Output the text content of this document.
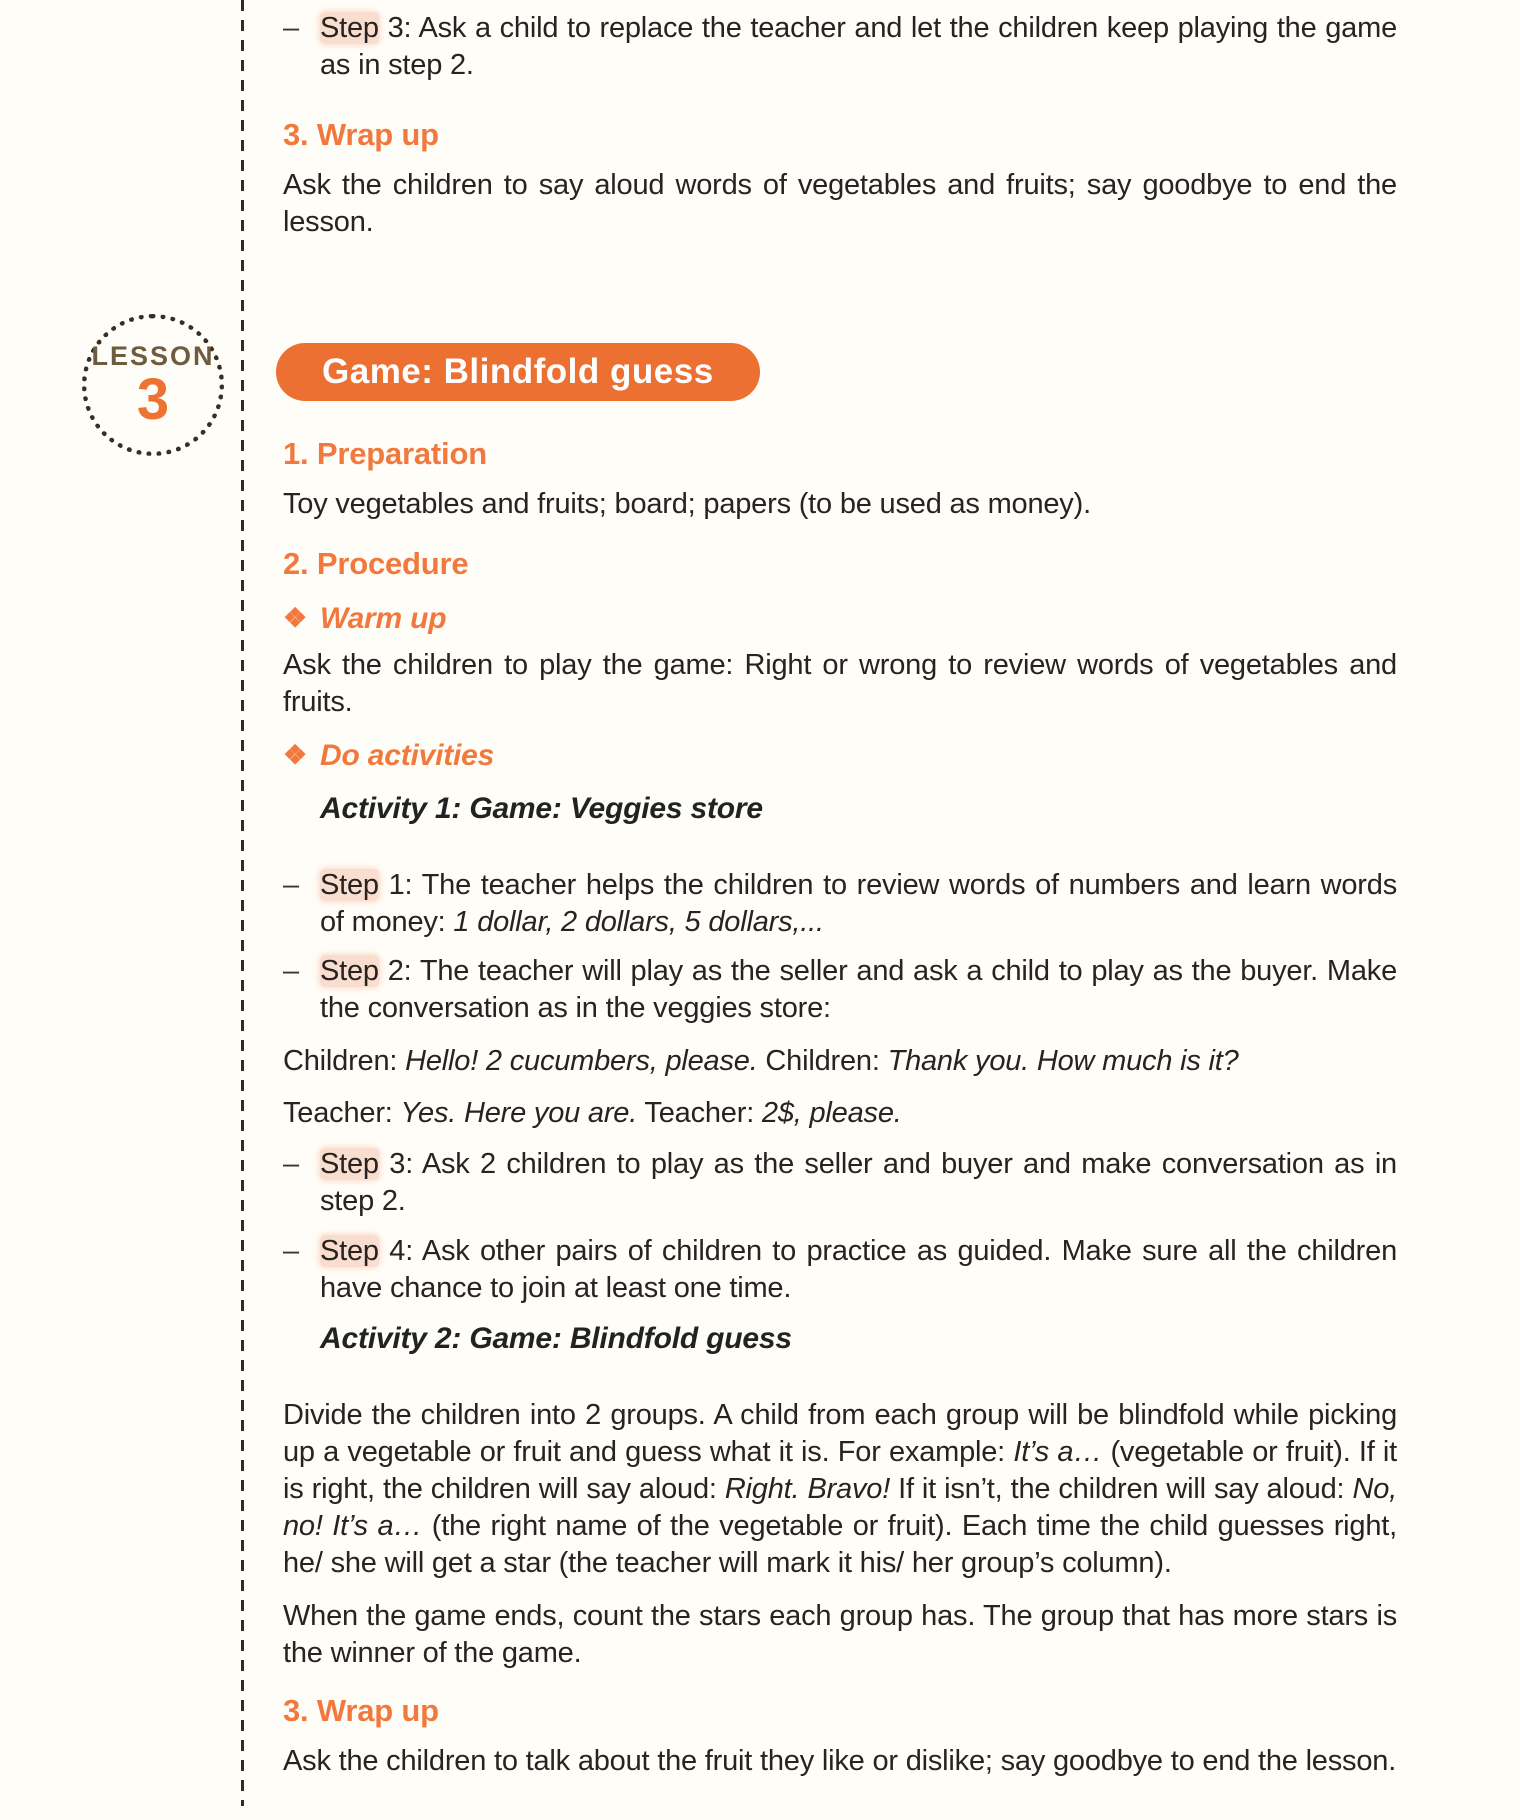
LESSON
3
– Step 3: Ask a child to replace the teacher and let the children keep playing the game as in step 2.
3. Wrap up

Ask the children to say aloud words of vegetables and fruits; say goodbye to end the lesson.

Game: Blindfold guess
1. Preparation

Toy vegetables and fruits; board; papers (to be used as money).

2. Procedure
❖ Warm up

Ask the children to play the game: Right or wrong to review words of vegetables and fruits.

❖ Do activities
Activity 1: Game: Veggies store
– Step 1: The teacher helps the children to review words of numbers and learn words of money: 1 dollar, 2 dollars, 5 dollars,...
– Step 2: The teacher will play as the seller and ask a child to play as the buyer. Make the conversation as in the veggies store:

Children: Hello! 2 cucumbers, please. Children: Thank you. How much is it?

Teacher: Yes. Here you are. Teacher: 2$, please.

– Step 3: Ask 2 children to play as the seller and buyer and make conversation as in step 2.
– Step 4: Ask other pairs of children to practice as guided. Make sure all the children have chance to join at least one time.
Activity 2: Game: Blindfold guess

Divide the children into 2 groups. A child from each group will be blindfold while picking up a vegetable or fruit and guess what it is. For example: It’s a… (vegetable or fruit). If it is right, the children will say aloud: Right. Bravo! If it isn’t, the children will say aloud: No, no! It’s a… (the right name of the vegetable or fruit). Each time the child guesses right, he/ she will get a star (the teacher will mark it his/ her group’s column).

When the game ends, count the stars each group has. The group that has more stars is the winner of the game.

3. Wrap up

Ask the children to talk about the fruit they like or dislike; say goodbye to end the lesson.
